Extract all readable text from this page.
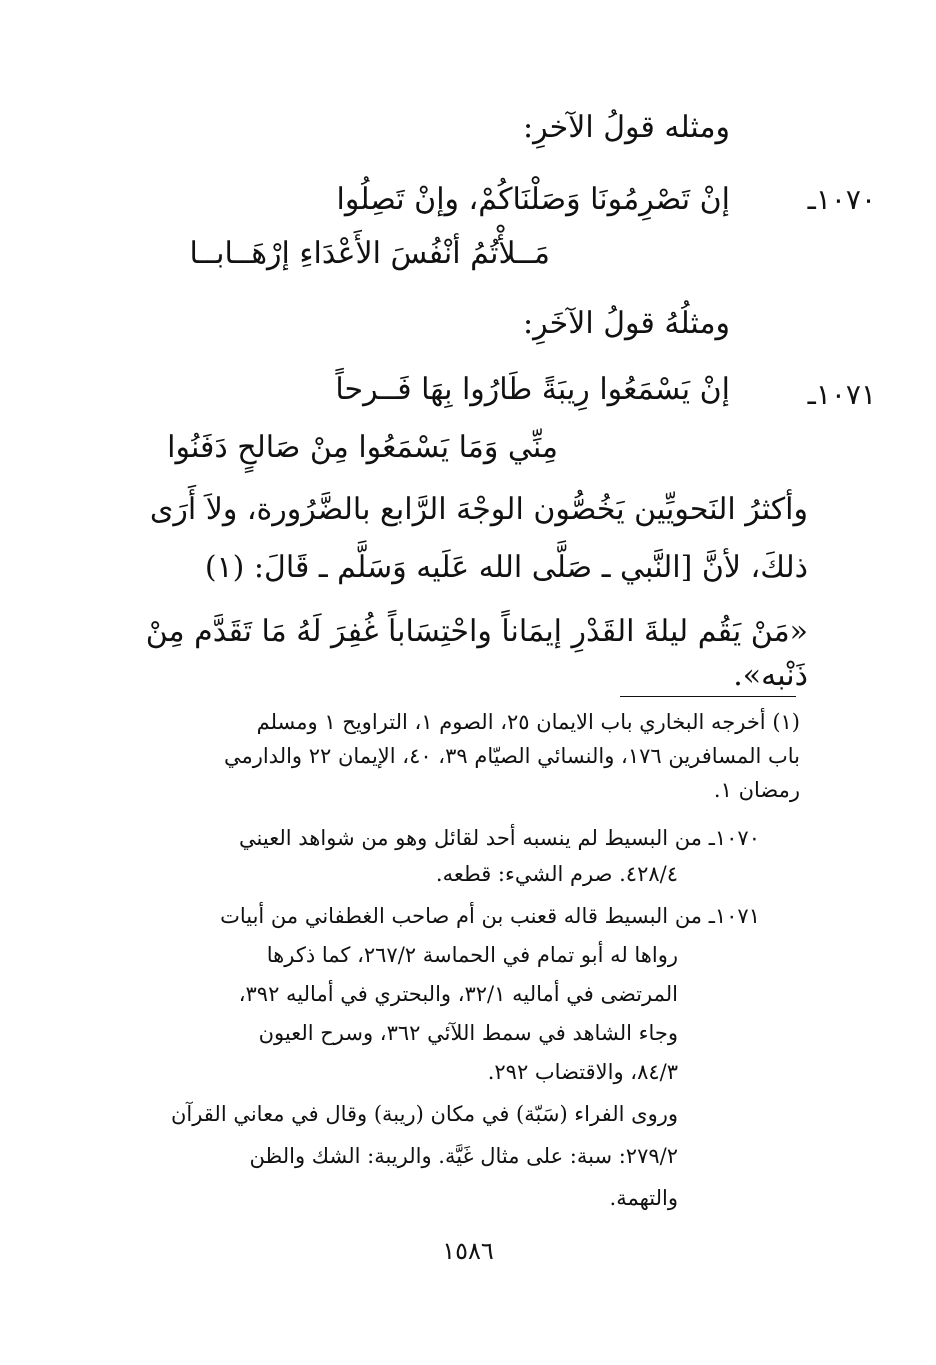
ومثله قولُ الآخرِ:
١٠٧٠ـ
إنْ تَصْرِمُونَا وَصَلْنَاكُمْ، وإنْ تَصِلُوا
مَــلأْتُمُ أنْفُسَ الأَعْدَاءِ إرْهَــابــا
ومثلُهُ قولُ الآخَرِ:
١٠٧١ـ
إنْ يَسْمَعُوا رِيبَةً طَارُوا بِهَا فَــرحاً
مِنِّي وَمَا يَسْمَعُوا مِنْ صَالحٍ دَفَنُوا
وأكثرُ النَحويِّين يَخُصُّون الوجْهَ الرَّابع بالضَّرُورة، ولاَ أَرَى
ذلكَ، لأنَّ [النَّبي ـ صَلَّى الله عَلَيه وَسَلَّم ـ قَالَ: (١)
«مَنْ يَقُم ليلةَ القَدْرِ إيمَاناً واحْتِسَاباً غُفِرَ لَهُ مَا تَقَدَّم مِنْ
ذَنْبه».
(١) أخرجه البخاري باب الايمان ٢٥، الصوم ١، التراويح ١ ومسلم
باب المسافرين ١٧٦، والنسائي الصيّام ٣٩، ٤٠، الإيمان ٢٢ والدارمي
رمضان ١.
١٠٧٠ـ من البسيط لم ينسبه أحد لقائل وهو من شواهد العيني
٤٢٨/٤. صرم الشيء: قطعه.
١٠٧١ـ من البسيط قاله قعنب بن أم صاحب الغطفاني من أبيات
رواها له أبو تمام في الحماسة ٢٦٧/٢، كما ذكرها
المرتضى في أماليه ٣٢/١، والبحتري في أماليه ٣٩٢،
وجاء الشاهد في سمط اللآئي ٣٦٢، وسرح العيون
٨٤/٣، والاقتضاب ٢٩٢.
وروى الفراء (سَبّة) في مكان (ريبة) وقال في معاني القرآن
٢٧٩/٢: سبة: على مثال غَيَّة. والريبة: الشك والظن
والتهمة.
١٥٨٦
